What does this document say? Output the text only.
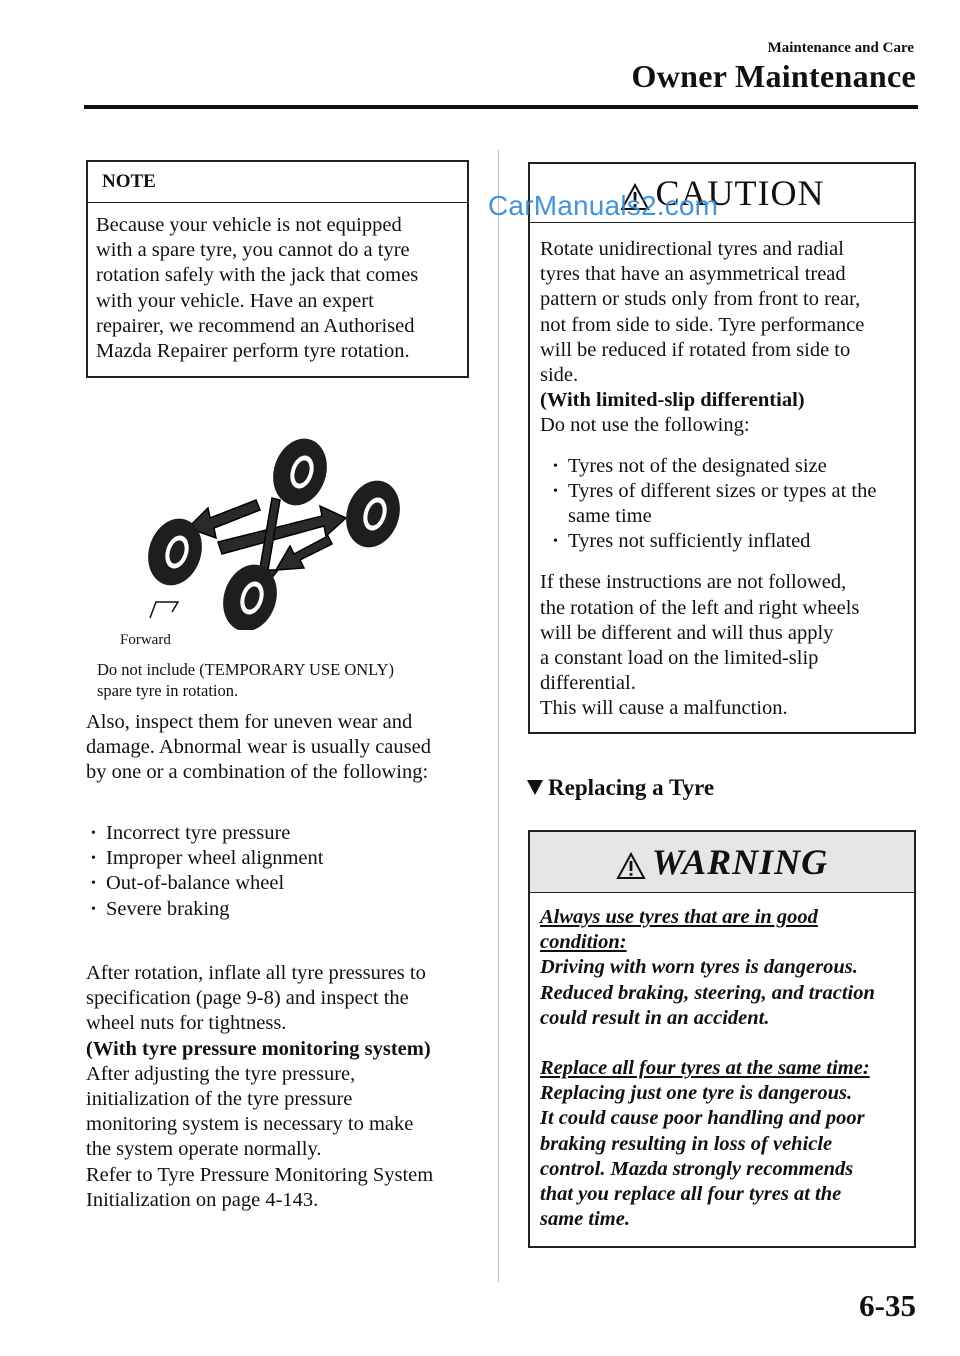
Maintenance and Care
Owner Maintenance
NOTE
Because your vehicle is not equipped
with a spare tyre, you cannot do a tyre
rotation safely with the jack that comes
with your vehicle. Have an expert
repairer, we recommend an Authorised
Mazda Repairer perform tyre rotation.
Forward
Do not include (TEMPORARY USE ONLY)
spare tyre in rotation.
Also, inspect them for uneven wear and
damage. Abnormal wear is usually caused
by one or a combination of the following:
• Incorrect tyre pressure
• Improper wheel alignment
• Out-of-balance wheel
• Severe braking
After rotation, inflate all tyre pressures to
specification (page 9-8) and inspect the
wheel nuts for tightness.
(With tyre pressure monitoring system)
After adjusting the tyre pressure,
initialization of the tyre pressure
monitoring system is necessary to make
the system operate normally.
Refer to Tyre Pressure Monitoring System
Initialization on page 4-143.
CAUTION
Rotate unidirectional tyres and radial
tyres that have an asymmetrical tread
pattern or studs only from front to rear,
not from side to side. Tyre performance
will be reduced if rotated from side to
side.
(With limited-slip differential)
Do not use the following:
• Tyres not of the designated size
• Tyres of different sizes or types at the
same time
• Tyres not sufficiently inflated
If these instructions are not followed,
the rotation of the left and right wheels
will be different and will thus apply
a constant load on the limited-slip
differential.
This will cause a malfunction.
CarManuals2.com
Replacing a Tyre
WARNING
Always use tyres that are in good
condition:
Driving with worn tyres is dangerous.
Reduced braking, steering, and traction
could result in an accident.
Replace all four tyres at the same time:
Replacing just one tyre is dangerous.
It could cause poor handling and poor
braking resulting in loss of vehicle
control. Mazda strongly recommends
that you replace all four tyres at the
same time.
6-35
